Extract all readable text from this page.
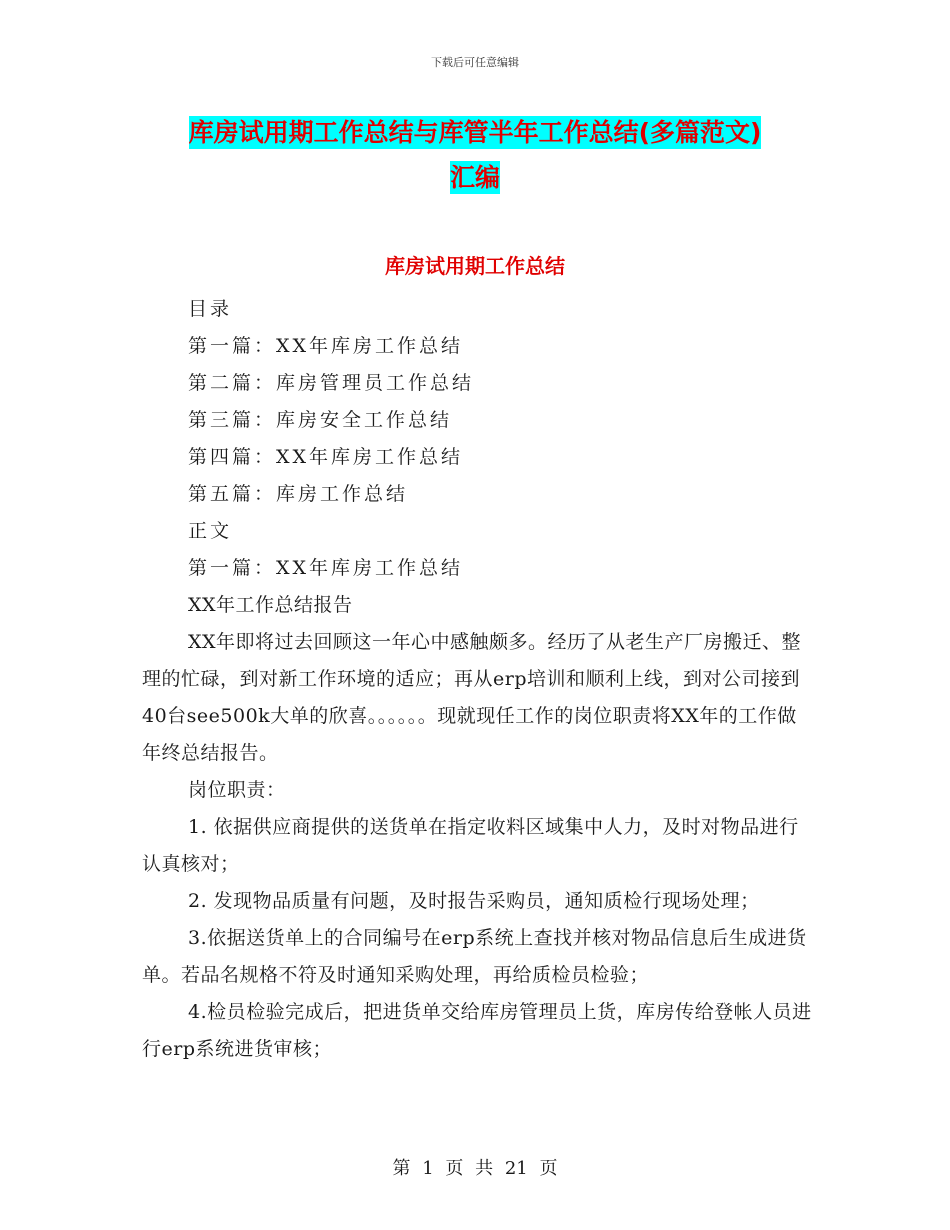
下载后可任意编辑
库房试用期工作总结与库管半年工作总结(多篇范文)
汇编
库房试用期工作总结

目录

第一篇：XX年库房工作总结

第二篇：库房管理员工作总结

第三篇：库房安全工作总结

第四篇：XX年库房工作总结

第五篇：库房工作总结

正文

第一篇：XX年库房工作总结

XX年工作总结报告

XX年即将过去回顾这一年心中感触颇多。经历了从老生产厂房搬迁、整理的忙碌，到对新工作环境的适应；再从erp培训和顺利上线，到对公司接到40台see500k大单的欣喜。。。。。。现就现任工作的岗位职责将XX年的工作做年终总结报告。

岗位职责：

1. 依据供应商提供的送货单在指定收料区域集中人力，及时对物品进行认真核对；

2. 发现物品质量有问题，及时报告采购员，通知质检行现场处理；

3.依据送货单上的合同编号在erp系统上查找并核对物品信息后生成进货单。若品名规格不符及时通知采购处理，再给质检员检验；

4.检员检验完成后，把进货单交给库房管理员上货，库房传给登帐人员进行erp系统进货审核；

第 1 页 共 21 页
